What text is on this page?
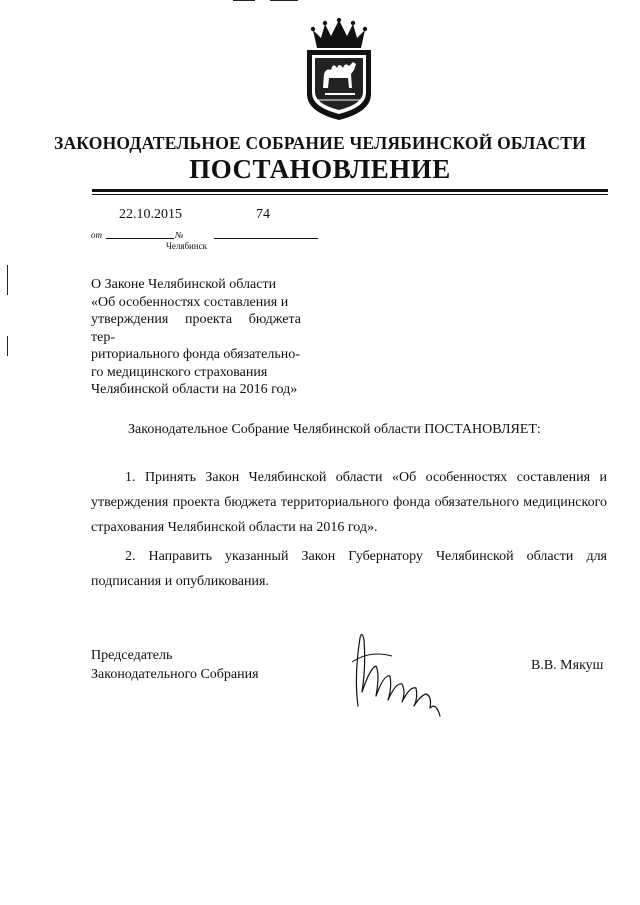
ЗАКОНОДАТЕЛЬНОЕ СОБРАНИЕ ЧЕЛЯБИНСКОЙ ОБЛАСТИ
ПОСТАНОВЛЕНИЕ
22.10.2015	74
от	№
Челябинск
О Законе Челябинской области
«Об особенностях составления и
утверждения проекта бюджета тер-
риториального фонда обязательно-
го медицинского страхования
Челябинской области на 2016 год»
Законодательное Собрание Челябинской области ПОСТАНОВЛЯЕТ:
1. Принять Закон Челябинской области «Об особенностях составления и утверждения проекта бюджета территориального фонда обязательного медицинского страхования Челябинской области на 2016 год».
2. Направить указанный Закон Губернатору Челябинской области для подписания и опубликования.
Председатель
Законодательного Собрания
В.В. Мякуш
